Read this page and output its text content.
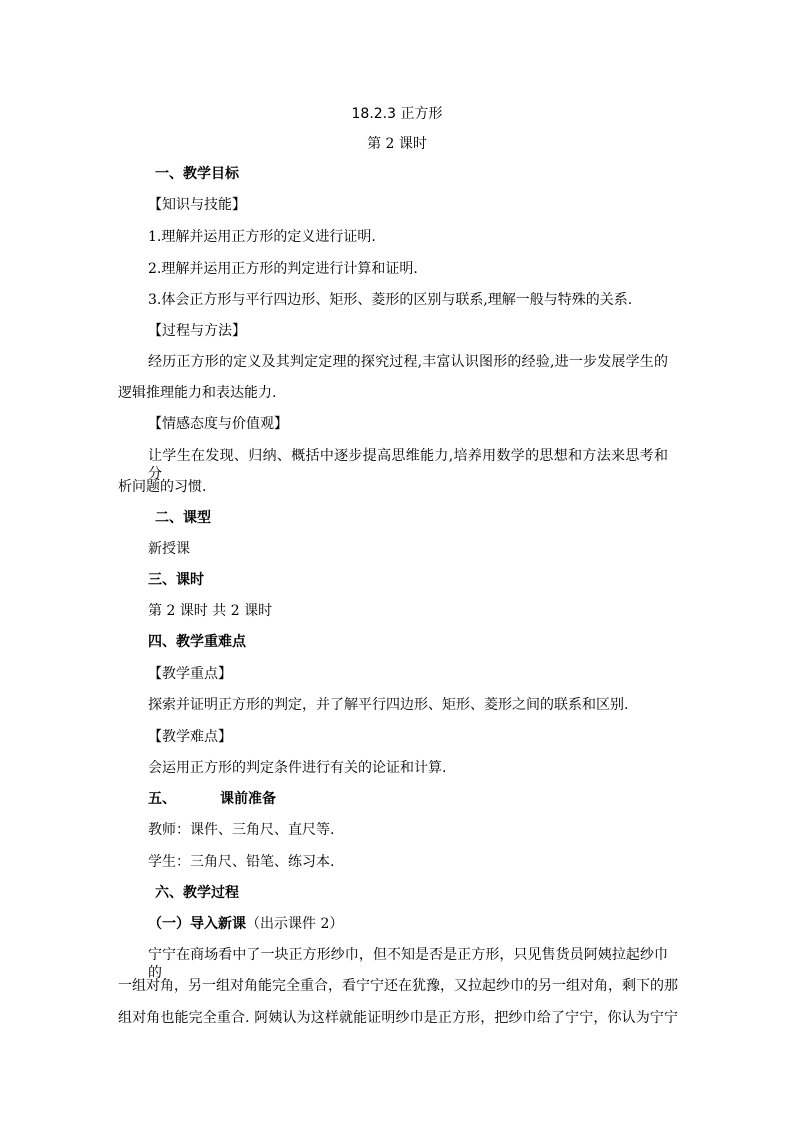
18.2.3 正方形
第 2 课时
一、教学目标
【知识与技能】
1.理解并运用正方形的定义进行证明.
2.理解并运用正方形的判定进行计算和证明.
3.体会正方形与平行四边形、矩形、菱形的区别与联系,理解一般与特殊的关系.
【过程与方法】
经历正方形的定义及其判定定理的探究过程,丰富认识图形的经验,进一步发展学生的
逻辑推理能力和表达能力.
【情感态度与价值观】
让学生在发现、归纳、概括中逐步提高思维能力,培养用数学的思想和方法来思考和分
析问题的习惯.
二、课型
新授课
三、课时
第 2 课时 共 2 课时
四、教学重难点
【教学重点】
探索并证明正方形的判定，并了解平行四边形、矩形、菱形之间的联系和区别.
【教学难点】
会运用正方形的判定条件进行有关的论证和计算.
五、	课前准备
教师：课件、三角尺、直尺等.
学生：三角尺、铅笔、练习本.
六、教学过程
（一）导入新课（出示课件 2）
宁宁在商场看中了一块正方形纱巾，但不知是否是正方形，只见售货员阿姨拉起纱巾的
一组对角，另一组对角能完全重合，看宁宁还在犹豫，又拉起纱巾的另一组对角，剩下的那
组对角也能完全重合. 阿姨认为这样就能证明纱巾是正方形，把纱巾给了宁宁，你认为宁宁
